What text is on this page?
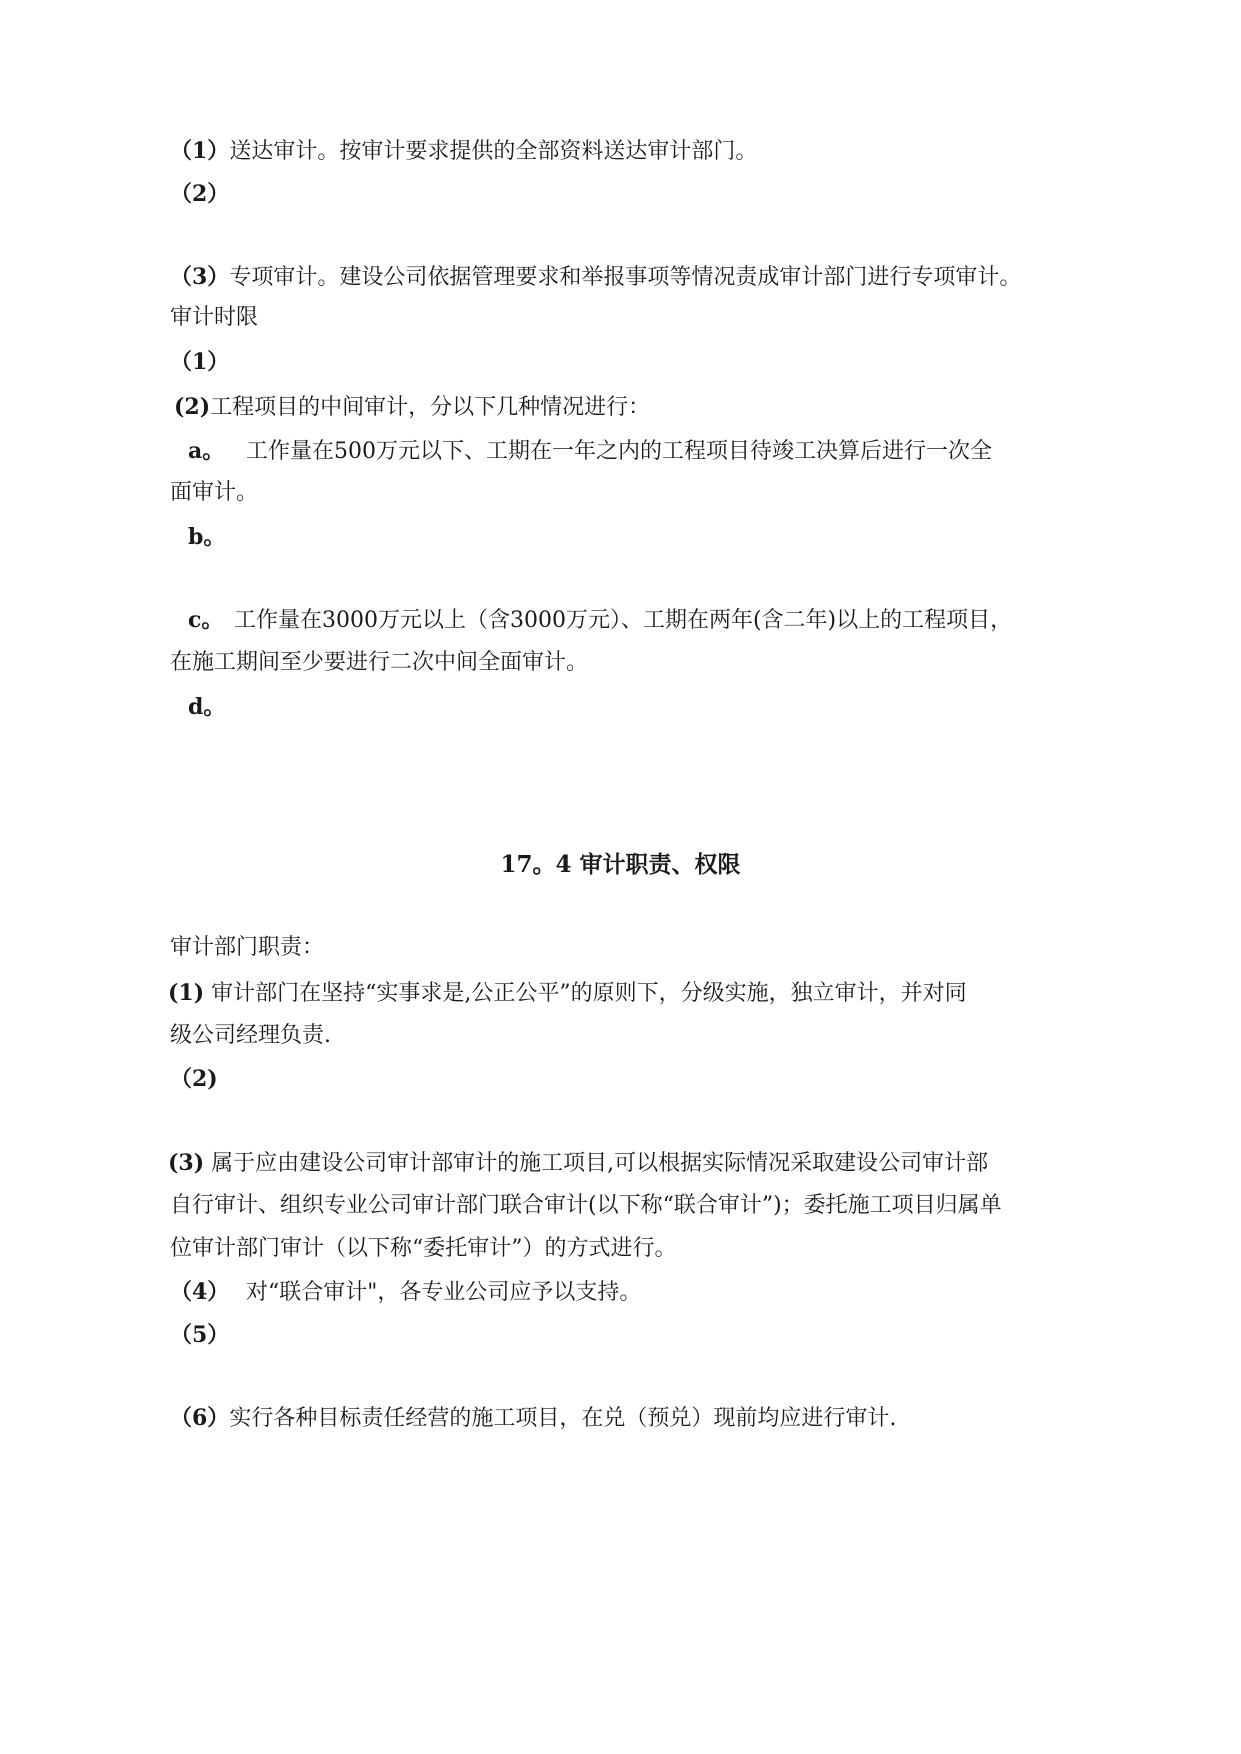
（1）送达审计。按审计要求提供的全部资料送达审计部门。
（2）
（3）专项审计。建设公司依据管理要求和举报事项等情况责成审计部门进行专项审计。
审计时限
（1）
(2)工程项目的中间审计，分以下几种情况进行：
a。 工作量在500万元以下、工期在一年之内的工程项目待竣工决算后进行一次全
面审计。
b。
c。 工作量在3000万元以上（含3000万元）、工期在两年(含二年)以上的工程项目，
在施工期间至少要进行二次中间全面审计。
d。
17。4 审计职责、权限
审计部门职责：
(1) 审计部门在坚持“实事求是,公正公平”的原则下，分级实施，独立审计，并对同
级公司经理负责.
（2)
(3) 属于应由建设公司审计部审计的施工项目,可以根据实际情况采取建设公司审计部
自行审计、组织专业公司审计部门联合审计(以下称“联合审计”)；委托施工项目归属单
位审计部门审计（以下称“委托审计”）的方式进行。
（4） 对“联合审计"，各专业公司应予以支持。
（5）
（6）实行各种目标责任经营的施工项目，在兑（预兑）现前均应进行审计.
